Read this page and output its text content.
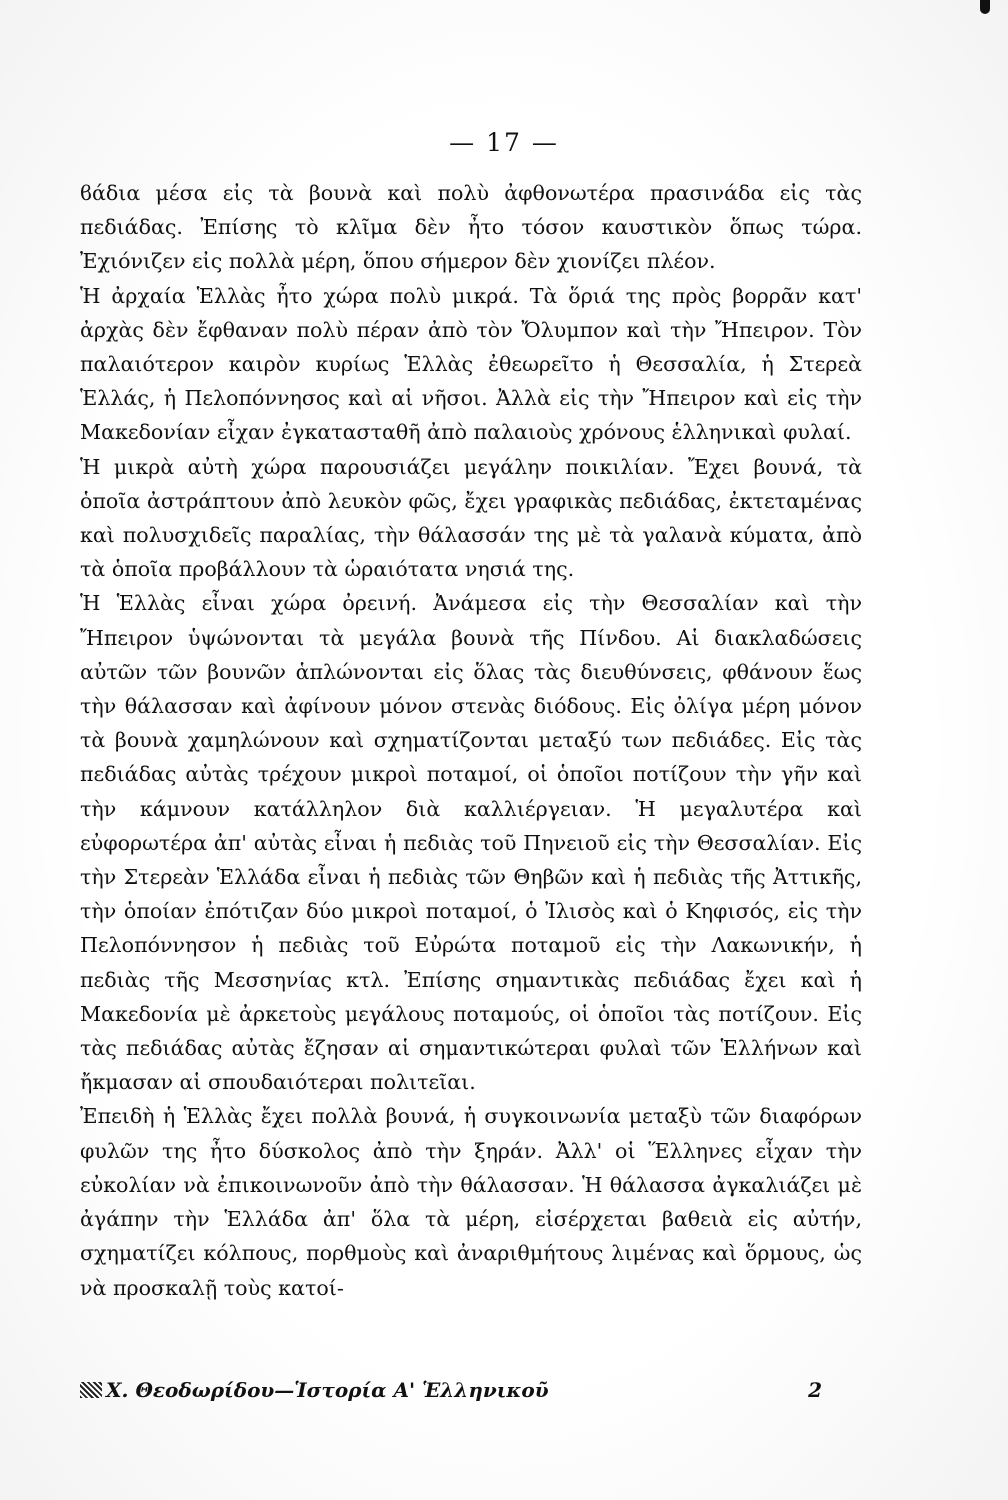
— 17 —

ϐάδια μέσα εἰς τὰ βουνὰ καὶ πολὺ ἀφθονωτέρα πρασινάδα εἰς τὰς πεδιάδας. Ἐπίσης τὸ κλῖμα δὲν ἦτο τόσον καυστικὸν ὅπως τώρα. Ἐχιόνιζεν εἰς πολλὰ μέρη, ὅπου σήμερον δὲν χιονίζει πλέον.

Ἡ ἀρχαία Ἑλλὰς ἦτο χώρα πολὺ μικρά. Τὰ ὅριά της πρὸς βορρᾶν κατ' ἀρχὰς δὲν ἔφθαναν πολὺ πέραν ἀπὸ τὸν Ὄλυμπον καὶ τὴν Ἤπειρον. Τὸν παλαιότερον καιρὸν κυρίως Ἑλλὰς ἐθεωρεῖτο ἡ Θεσσαλία, ἡ Στερεὰ Ἑλλάς, ἡ Πελοπόννησος καὶ αἱ νῆσοι. Ἀλλὰ εἰς τὴν Ἤπειρον καὶ εἰς τὴν Μακεδονίαν εἶχαν ἐγκατασταθῆ ἀπὸ παλαιοὺς χρόνους ἑλληνικαὶ φυλαί.

Ἡ μικρὰ αὐτὴ χώρα παρουσιάζει μεγάλην ποικιλίαν. Ἔχει βουνά, τὰ ὁποῖα ἀστράπτουν ἀπὸ λευκὸν φῶς, ἔχει γραφικὰς πεδιάδας, ἐκτεταμένας καὶ πολυσχιδεῖς παραλίας, τὴν θάλασσάν της μὲ τὰ γαλανὰ κύματα, ἀπὸ τὰ ὁποῖα προβάλλουν τὰ ὡραιότατα νησιά της.

Ἡ Ἑλλὰς εἶναι χώρα ὀρεινή. Ἀνάμεσα εἰς τὴν Θεσσαλίαν καὶ τὴν Ἤπειρον ὑψώνονται τὰ μεγάλα βουνὰ τῆς Πίνδου. Αἱ διακλαδώσεις αὐτῶν τῶν βουνῶν ἁπλώνονται εἰς ὅλας τὰς διευθύνσεις, φθάνουν ἕως τὴν θάλασσαν καὶ ἀφίνουν μόνον στενὰς διόδους. Εἰς ὀλίγα μέρη μόνον τὰ βουνὰ χαμηλώνουν καὶ σχηματίζονται μεταξύ των πεδιάδες. Εἰς τὰς πεδιάδας αὐτὰς τρέχουν μικροὶ ποταμοί, οἱ ὁποῖοι ποτίζουν τὴν γῆν καὶ τὴν κάμνουν κατάλληλον διὰ καλλιέργειαν. Ἡ μεγαλυτέρα καὶ εὐφορωτέρα ἀπ' αὐτὰς εἶναι ἡ πεδιὰς τοῦ Πηνειοῦ εἰς τὴν Θεσσαλίαν. Εἰς τὴν Στερεὰν Ἑλλάδα εἶναι ἡ πεδιὰς τῶν Θηβῶν καὶ ἡ πεδιὰς τῆς Ἀττικῆς, τὴν ὁποίαν ἐπότιζαν δύο μικροὶ ποταμοί, ὁ Ἰλισὸς καὶ ὁ Κηφισός, εἰς τὴν Πελοπόννησον ἡ πεδιὰς τοῦ Εὐρώτα ποταμοῦ εἰς τὴν Λακωνικήν, ἡ πεδιὰς τῆς Μεσσηνίας κτλ. Ἐπίσης σημαντικὰς πεδιάδας ἔχει καὶ ἡ Μακεδονία μὲ ἀρκετοὺς μεγάλους ποταμούς, οἱ ὁποῖοι τὰς ποτίζουν. Εἰς τὰς πεδιάδας αὐτὰς ἔζησαν αἱ σημαντικώτεραι φυλαὶ τῶν Ἑλλήνων καὶ ἤκμασαν αἱ σπουδαιότεραι πολιτεῖαι.

Ἐπειδὴ ἡ Ἑλλὰς ἔχει πολλὰ βουνά, ἡ συγκοινωνία μεταξὺ τῶν διαφόρων φυλῶν της ἦτο δύσκολος ἀπὸ τὴν ξηράν. Ἀλλ' οἱ Ἕλληνες εἶχαν τὴν εὐκολίαν νὰ ἐπικοινωνοῦν ἀπὸ τὴν θάλασσαν. Ἡ θάλασσα ἀγκαλιάζει μὲ ἀγάπην τὴν Ἑλλάδα ἀπ' ὅλα τὰ μέρη, εἰσέρχεται βαθειὰ εἰς αὐτήν, σχηματίζει κόλπους, πορθμοὺς καὶ ἀναριθμήτους λιμένας καὶ ὅρμους, ὡς νὰ προσκαλῇ τοὺς κατοί-

Χ. Θεοδωρίδου—Ἱστορία Α' Ἑλληνικοῦ	2
